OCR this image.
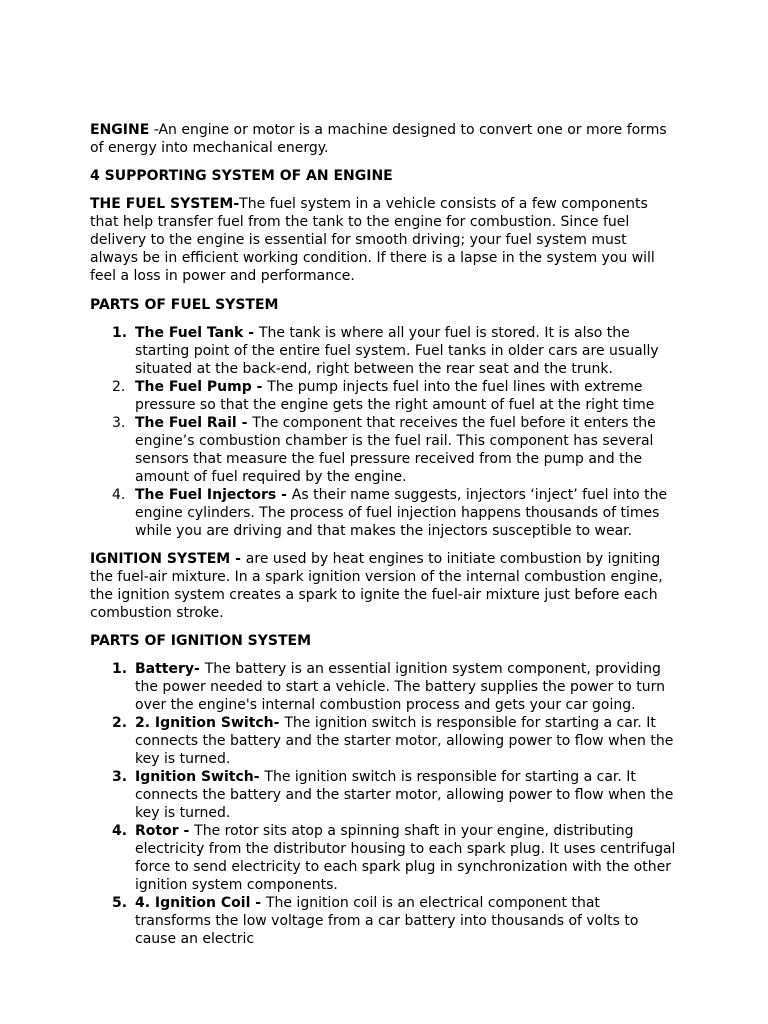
ENGINE -An engine or motor is a machine designed to convert one or more forms of energy into mechanical energy.

4 SUPPORTING SYSTEM OF AN ENGINE

THE FUEL SYSTEM-The fuel system in a vehicle consists of a few components that help transfer fuel from the tank to the engine for combustion. Since fuel delivery to the engine is essential for smooth driving; your fuel system must always be in efficient working condition. If there is a lapse in the system you will feel a loss in power and performance.

PARTS OF FUEL SYSTEM

1. The Fuel Tank - The tank is where all your fuel is stored. It is also the starting point of the entire fuel system. Fuel tanks in older cars are usually situated at the back-end, right between the rear seat and the trunk.
2. The Fuel Pump - The pump injects fuel into the fuel lines with extreme pressure so that the engine gets the right amount of fuel at the right time
3. The Fuel Rail - The component that receives the fuel before it enters the engine’s combustion chamber is the fuel rail. This component has several sensors that measure the fuel pressure received from the pump and the amount of fuel required by the engine.
4. The Fuel Injectors - As their name suggests, injectors ‘inject’ fuel into the engine cylinders. The process of fuel injection happens thousands of times while you are driving and that makes the injectors susceptible to wear.

IGNITION SYSTEM - are used by heat engines to initiate combustion by igniting the fuel-air mixture. In a spark ignition version of the internal combustion engine, the ignition system creates a spark to ignite the fuel-air mixture just before each combustion stroke.

PARTS OF IGNITION SYSTEM

1. Battery- The battery is an essential ignition system component, providing the power needed to start a vehicle. The battery supplies the power to turn over the engine's internal combustion process and gets your car going.
2. 2. Ignition Switch- The ignition switch is responsible for starting a car. It connects the battery and the starter motor, allowing power to flow when the key is turned.
3. Ignition Switch- The ignition switch is responsible for starting a car. It connects the battery and the starter motor, allowing power to flow when the key is turned.
4. Rotor - The rotor sits atop a spinning shaft in your engine, distributing electricity from the distributor housing to each spark plug. It uses centrifugal force to send electricity to each spark plug in synchronization with the other ignition system components.
5. 4. Ignition Coil - The ignition coil is an electrical component that transforms the low voltage from a car battery into thousands of volts to cause an electric
